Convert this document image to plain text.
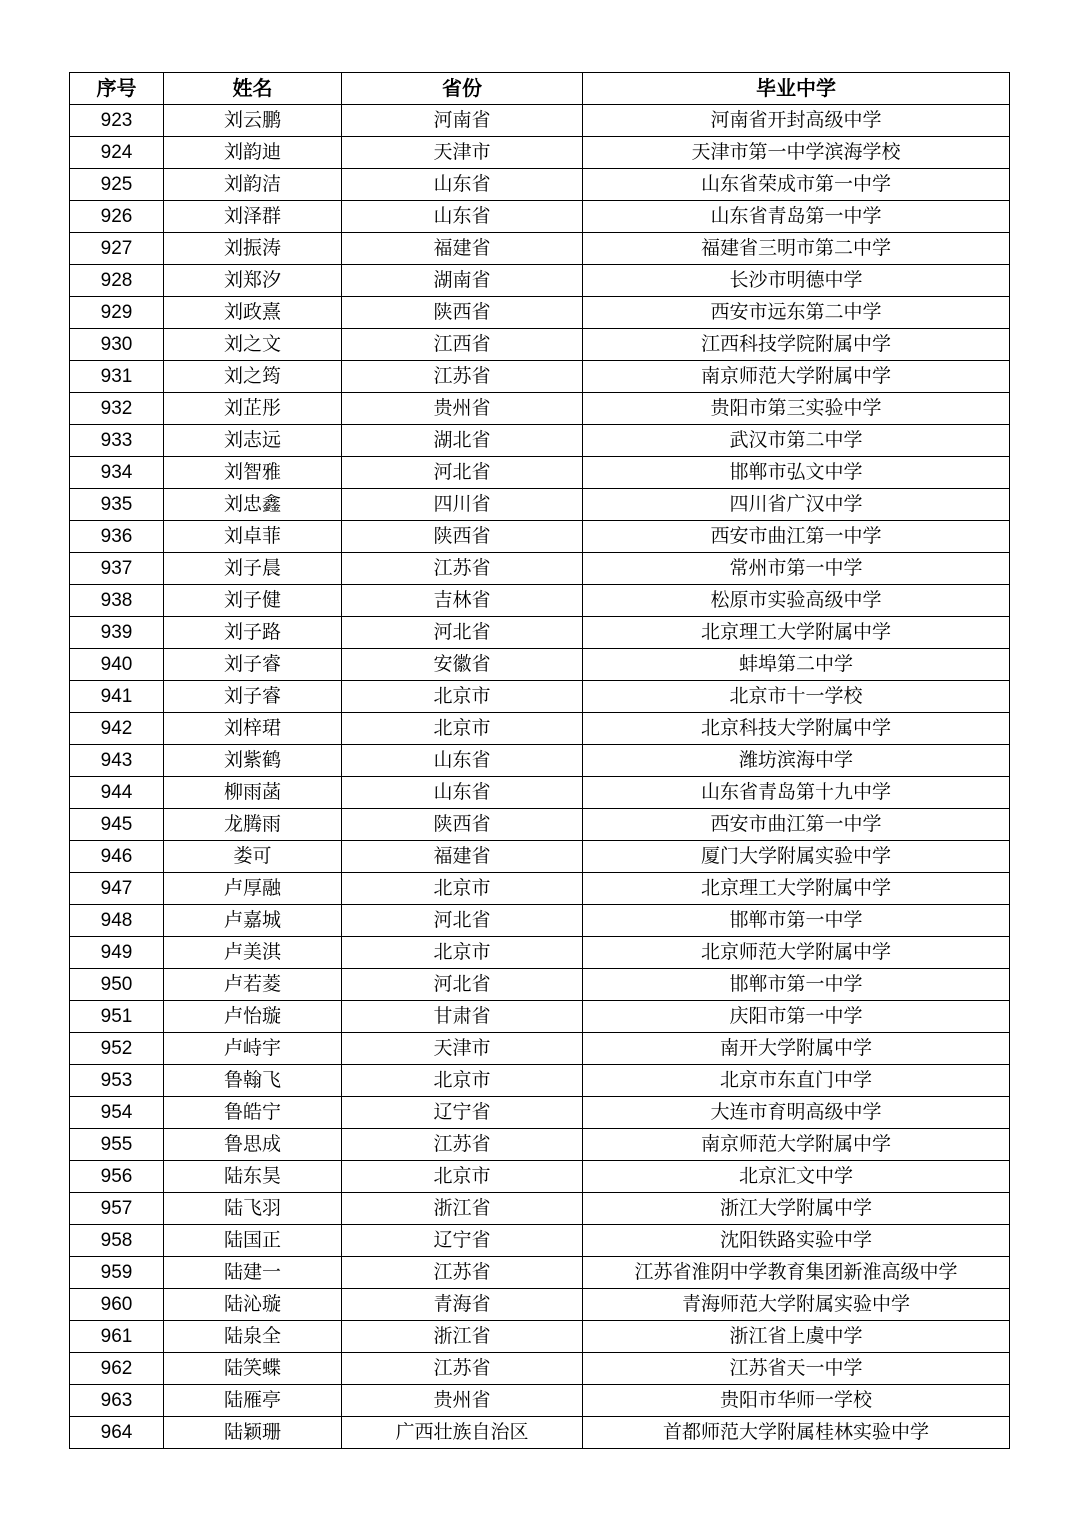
序号	姓名	省份	毕业中学
923	刘云鹏	河南省	河南省开封高级中学
924	刘韵迪	天津市	天津市第一中学滨海学校
925	刘韵洁	山东省	山东省荣成市第一中学
926	刘泽群	山东省	山东省青岛第一中学
927	刘振涛	福建省	福建省三明市第二中学
928	刘郑汐	湖南省	长沙市明德中学
929	刘政熹	陕西省	西安市远东第二中学
930	刘之文	江西省	江西科技学院附属中学
931	刘之筠	江苏省	南京师范大学附属中学
932	刘芷彤	贵州省	贵阳市第三实验中学
933	刘志远	湖北省	武汉市第二中学
934	刘智雅	河北省	邯郸市弘文中学
935	刘忠鑫	四川省	四川省广汉中学
936	刘卓菲	陕西省	西安市曲江第一中学
937	刘子晨	江苏省	常州市第一中学
938	刘子健	吉林省	松原市实验高级中学
939	刘子路	河北省	北京理工大学附属中学
940	刘子睿	安徽省	蚌埠第二中学
941	刘子睿	北京市	北京市十一学校
942	刘梓珺	北京市	北京科技大学附属中学
943	刘紫鹤	山东省	潍坊滨海中学
944	柳雨菡	山东省	山东省青岛第十九中学
945	龙腾雨	陕西省	西安市曲江第一中学
946	娄可	福建省	厦门大学附属实验中学
947	卢厚融	北京市	北京理工大学附属中学
948	卢嘉城	河北省	邯郸市第一中学
949	卢美淇	北京市	北京师范大学附属中学
950	卢若菱	河北省	邯郸市第一中学
951	卢怡璇	甘肃省	庆阳市第一中学
952	卢峙宇	天津市	南开大学附属中学
953	鲁翰飞	北京市	北京市东直门中学
954	鲁皓宁	辽宁省	大连市育明高级中学
955	鲁思成	江苏省	南京师范大学附属中学
956	陆东昊	北京市	北京汇文中学
957	陆飞羽	浙江省	浙江大学附属中学
958	陆国正	辽宁省	沈阳铁路实验中学
959	陆建一	江苏省	江苏省淮阴中学教育集团新淮高级中学
960	陆沁璇	青海省	青海师范大学附属实验中学
961	陆泉全	浙江省	浙江省上虞中学
962	陆笑蝶	江苏省	江苏省天一中学
963	陆雁亭	贵州省	贵阳市华师一学校
964	陆颖珊	广西壮族自治区	首都师范大学附属桂林实验中学
